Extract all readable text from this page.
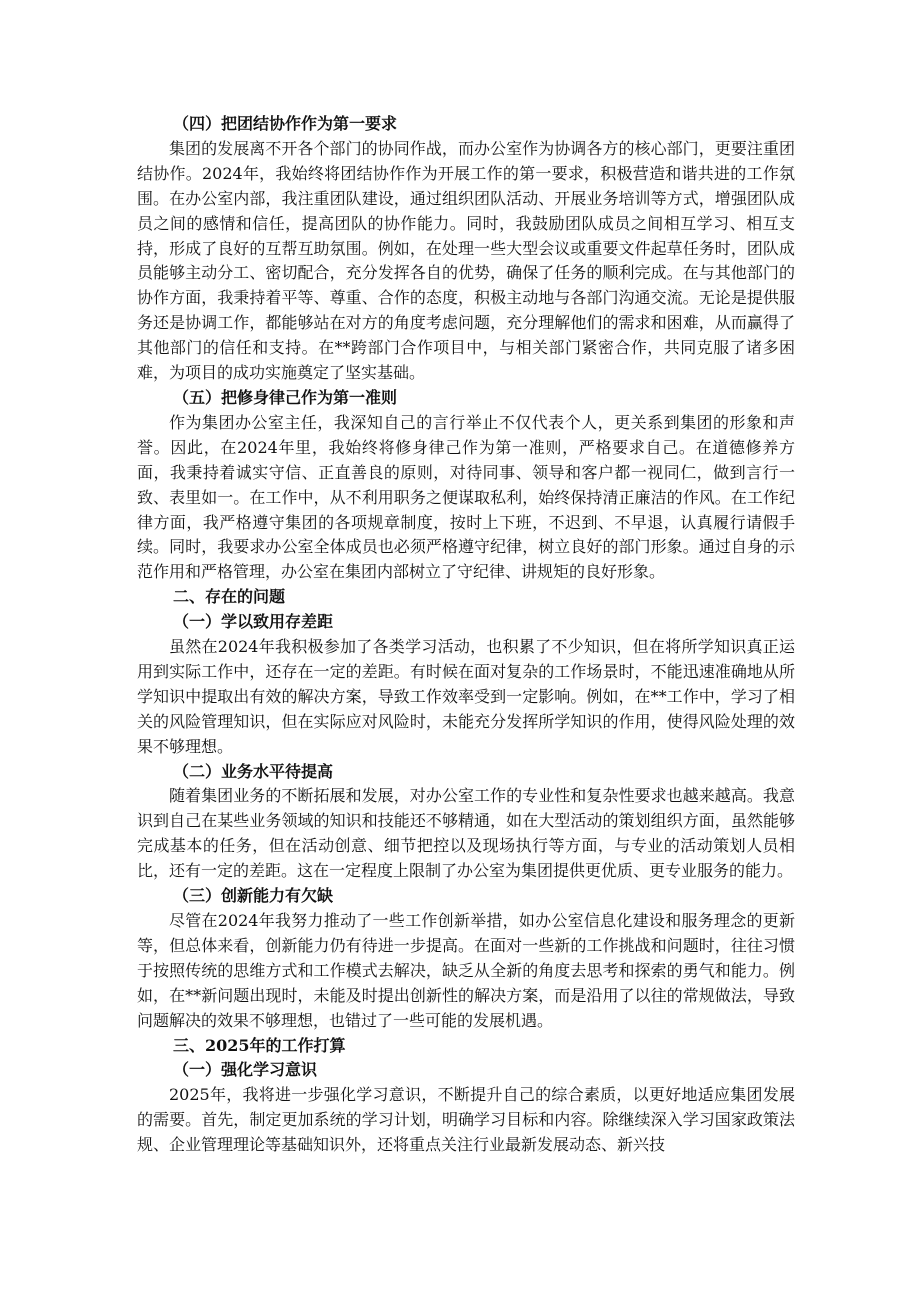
（四）把团结协作作为第一要求

集团的发展离不开各个部门的协同作战，而办公室作为协调各方的核心部门，更要注重团结协作。2024年，我始终将团结协作作为开展工作的第一要求，积极营造和谐共进的工作氛围。在办公室内部，我注重团队建设，通过组织团队活动、开展业务培训等方式，增强团队成员之间的感情和信任，提高团队的协作能力。同时，我鼓励团队成员之间相互学习、相互支持，形成了良好的互帮互助氛围。例如，在处理一些大型会议或重要文件起草任务时，团队成员能够主动分工、密切配合，充分发挥各自的优势，确保了任务的顺利完成。在与其他部门的协作方面，我秉持着平等、尊重、合作的态度，积极主动地与各部门沟通交流。无论是提供服务还是协调工作，都能够站在对方的角度考虑问题，充分理解他们的需求和困难，从而赢得了其他部门的信任和支持。在**跨部门合作项目中，与相关部门紧密合作，共同克服了诸多困难，为项目的成功实施奠定了坚实基础。

（五）把修身律己作为第一准则

作为集团办公室主任，我深知自己的言行举止不仅代表个人，更关系到集团的形象和声誉。因此，在2024年里，我始终将修身律己作为第一准则，严格要求自己。在道德修养方面，我秉持着诚实守信、正直善良的原则，对待同事、领导和客户都一视同仁，做到言行一致、表里如一。在工作中，从不利用职务之便谋取私利，始终保持清正廉洁的作风。在工作纪律方面，我严格遵守集团的各项规章制度，按时上下班，不迟到、不早退，认真履行请假手续。同时，我要求办公室全体成员也必须严格遵守纪律，树立良好的部门形象。通过自身的示范作用和严格管理，办公室在集团内部树立了守纪律、讲规矩的良好形象。

二、存在的问题

（一）学以致用存差距

虽然在2024年我积极参加了各类学习活动，也积累了不少知识，但在将所学知识真正运用到实际工作中，还存在一定的差距。有时候在面对复杂的工作场景时，不能迅速准确地从所学知识中提取出有效的解决方案，导致工作效率受到一定影响。例如，在**工作中，学习了相关的风险管理知识，但在实际应对风险时，未能充分发挥所学知识的作用，使得风险处理的效果不够理想。

（二）业务水平待提高

随着集团业务的不断拓展和发展，对办公室工作的专业性和复杂性要求也越来越高。我意识到自己在某些业务领域的知识和技能还不够精通，如在大型活动的策划组织方面，虽然能够完成基本的任务，但在活动创意、细节把控以及现场执行等方面，与专业的活动策划人员相比，还有一定的差距。这在一定程度上限制了办公室为集团提供更优质、更专业服务的能力。

（三）创新能力有欠缺

尽管在2024年我努力推动了一些工作创新举措，如办公室信息化建设和服务理念的更新等，但总体来看，创新能力仍有待进一步提高。在面对一些新的工作挑战和问题时，往往习惯于按照传统的思维方式和工作模式去解决，缺乏从全新的角度去思考和探索的勇气和能力。例如，在**新问题出现时，未能及时提出创新性的解决方案，而是沿用了以往的常规做法，导致问题解决的效果不够理想，也错过了一些可能的发展机遇。

三、2025年的工作打算

（一）强化学习意识

2025年，我将进一步强化学习意识，不断提升自己的综合素质，以更好地适应集团发展的需要。首先，制定更加系统的学习计划，明确学习目标和内容。除继续深入学习国家政策法规、企业管理理论等基础知识外，还将重点关注行业最新发展动态、新兴技
